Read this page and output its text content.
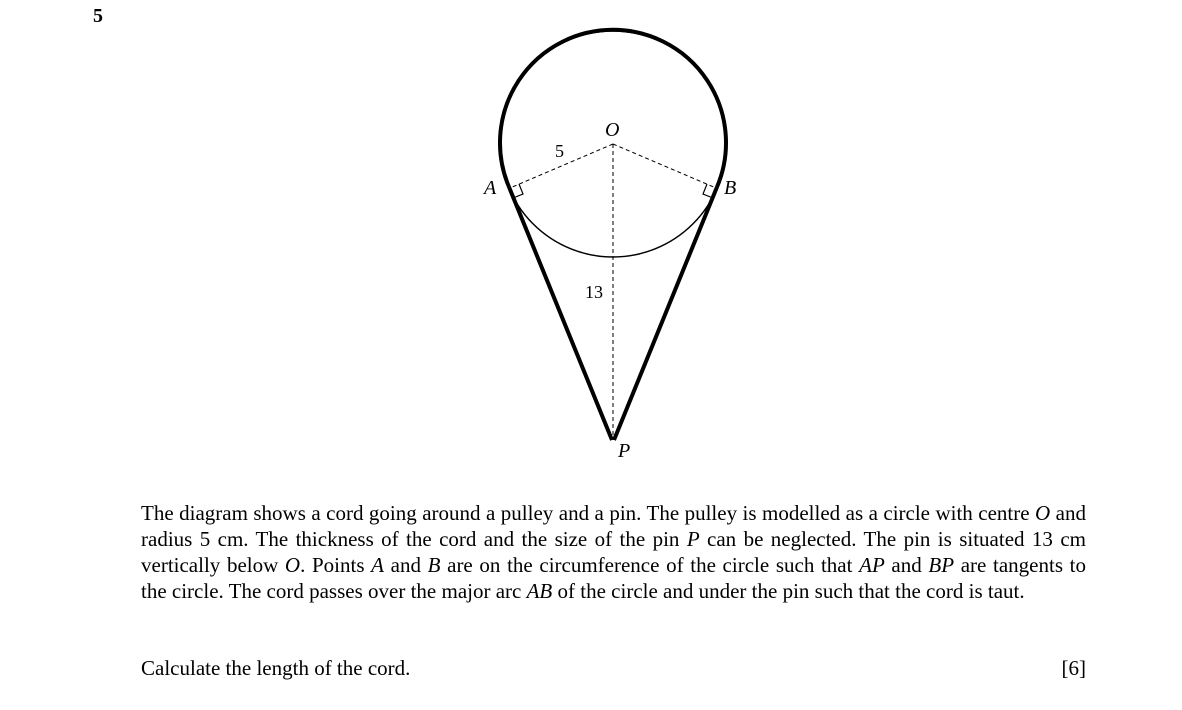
5
O
A	B
P
5
13

The diagram shows a cord going around a pulley and a pin. The pulley is modelled as a circle with centre O and radius 5 cm. The thickness of the cord and the size of the pin P can be neglected. The pin is situated 13 cm vertically below O. Points A and B are on the circumference of the circle such that AP and BP are tangents to the circle. The cord passes over the major arc AB of the circle and under the pin such that the cord is taut.

Calculate the length of the cord.	[6]
